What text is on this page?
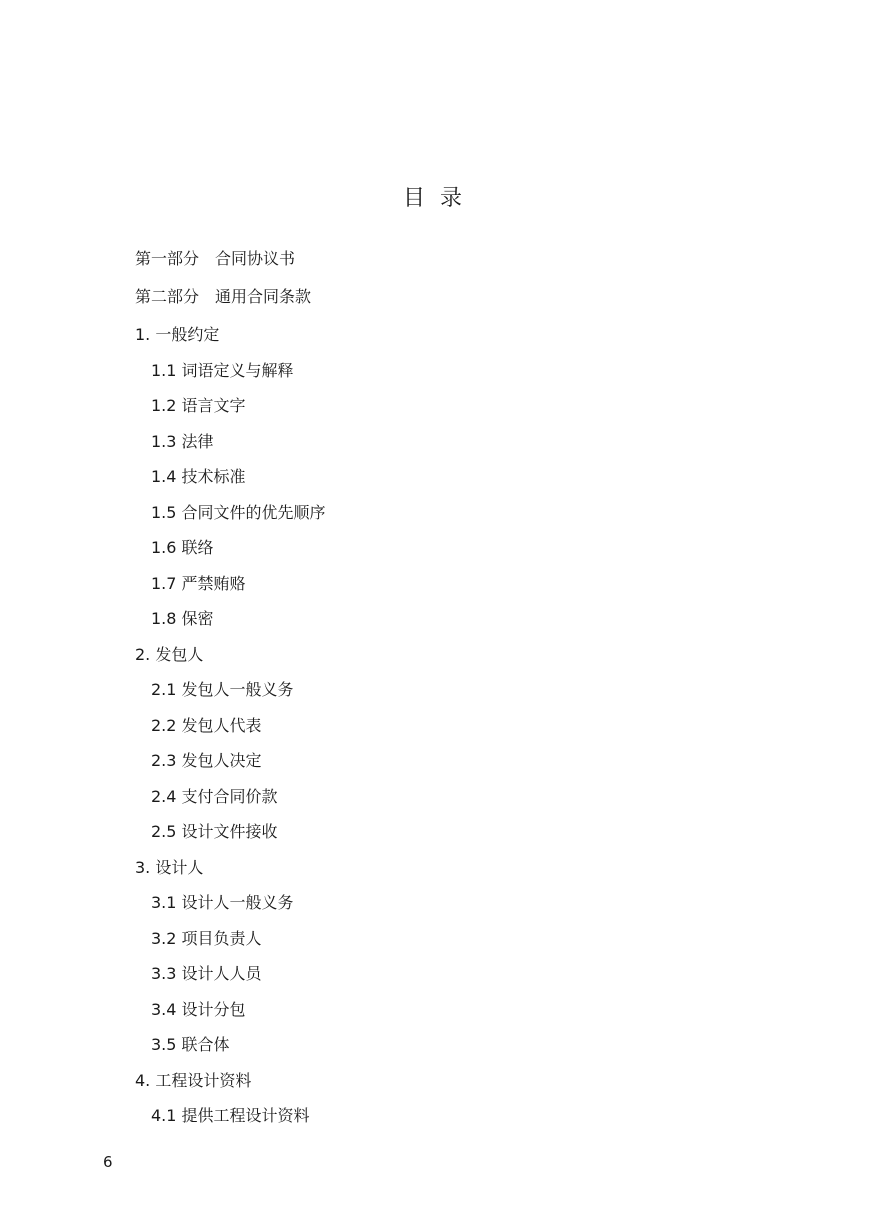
目 录
第一部分　合同协议书
第二部分　通用合同条款
1. 一般约定
1.1 词语定义与解释
1.2 语言文字
1.3 法律
1.4 技术标准
1.5 合同文件的优先顺序
1.6 联络
1.7 严禁贿赂
1.8 保密
2. 发包人
2.1 发包人一般义务
2.2 发包人代表
2.3 发包人决定
2.4 支付合同价款
2.5 设计文件接收
3. 设计人
3.1 设计人一般义务
3.2 项目负责人
3.3 设计人人员
3.4 设计分包
3.5 联合体
4. 工程设计资料
4.1 提供工程设计资料
6
